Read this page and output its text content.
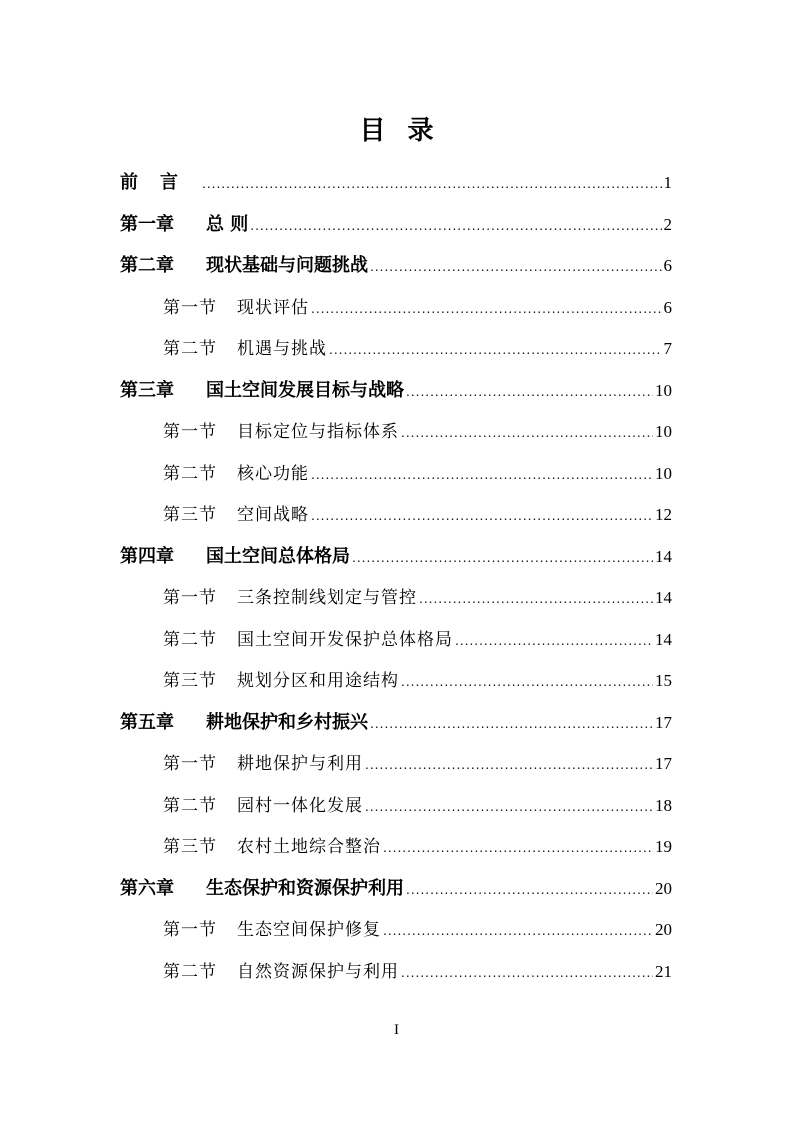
目录
前言 .....	1
第一章	总 则 .....	2
第二章	现状基础与问题挑战 .....	6
第一节	现状评估 .....	6
第二节	机遇与挑战 .....	7
第三章	国土空间发展目标与战略 .....	10
第一节	目标定位与指标体系 .....	10
第二节	核心功能 .....	10
第三节	空间战略 .....	12
第四章	国土空间总体格局 .....	14
第一节	三条控制线划定与管控 .....	14
第二节	国土空间开发保护总体格局 .....	14
第三节	规划分区和用途结构 .....	15
第五章	耕地保护和乡村振兴 .....	17
第一节	耕地保护与利用 .....	17
第二节	园村一体化发展 .....	18
第三节	农村土地综合整治 .....	19
第六章	生态保护和资源保护利用 .....	20
第一节	生态空间保护修复 .....	20
第二节	自然资源保护与利用 .....	21
I
